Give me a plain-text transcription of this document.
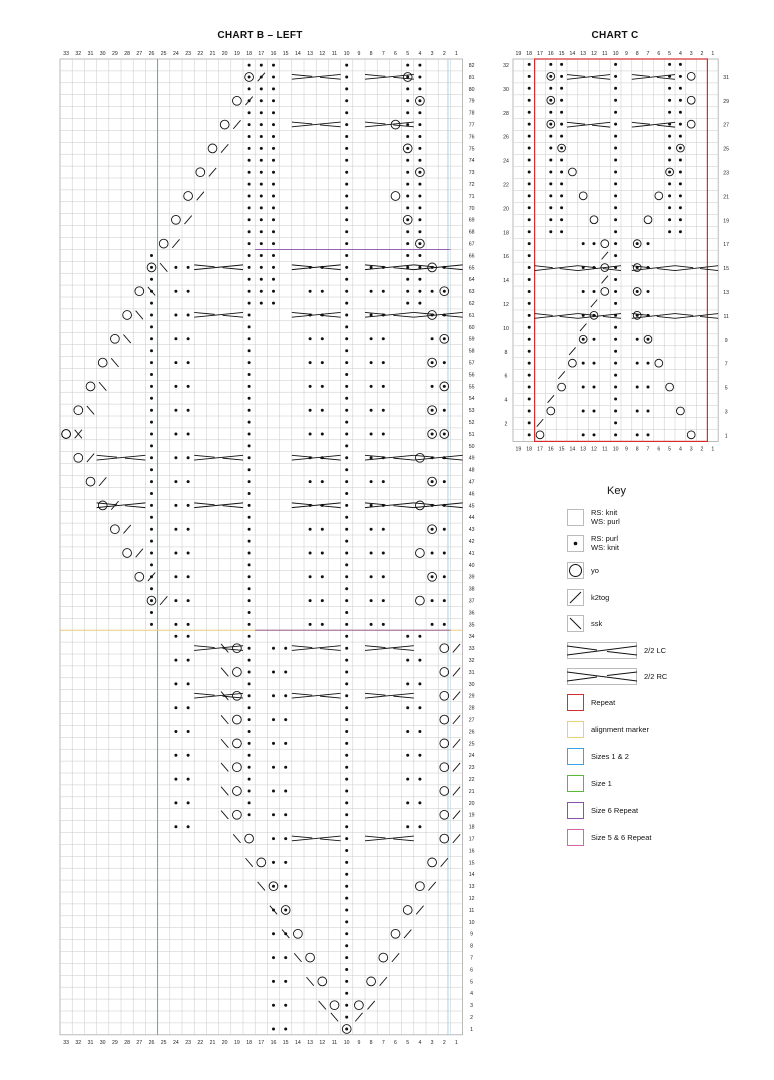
CHART B – LEFT	CHART C
33
33
32
32
31
31
30
30
29
29
28
28
27
27
26
26
25
25
24
24
23
23
22
22
21
21
20
20
19
19
18
18
17
17
16
16
15
15
14
14
13
13
12
12
11
11
10
10
9
9
8
8
7
7
6
6
5
5
4
4
3
3
2
2
1
1
82
81
80
79
78
77
76
75
74
73
72
71
70
69
68
67
66
65
64
63
62
61
60
59
58
57
56
55
54
53
52
51
50
49
48
47
46
45
44
43
42
41
40
39
38
37
36
35
34
33
32
31
30
29
28
27
26
25
24
23
22
21
20
19
18
17
16
15
14
13
12
11
10
9
8
7
6
5
4
3
2
1
19
19
18
18
17
17
16
16
15
15
14
14
13
13
12
12
11
11
10
10
9
9
8
8
7
7
6
6
5
5
4
4
3
3
2
2
1
1
32
30
28
26
24
22
20
18
16
14
12
10
8
6
4
2
31
29
27
25
23
21
19
17
15
13
11
9
7
5
3
1
Key
RS: knit
WS: purl
RS: purl
WS: knit
yo
k2tog
ssk
2/2 LC
2/2 RC
Repeat
alignment marker
Sizes 1 & 2
Size 1
Size 6 Repeat
Size 5 & 6 Repeat
